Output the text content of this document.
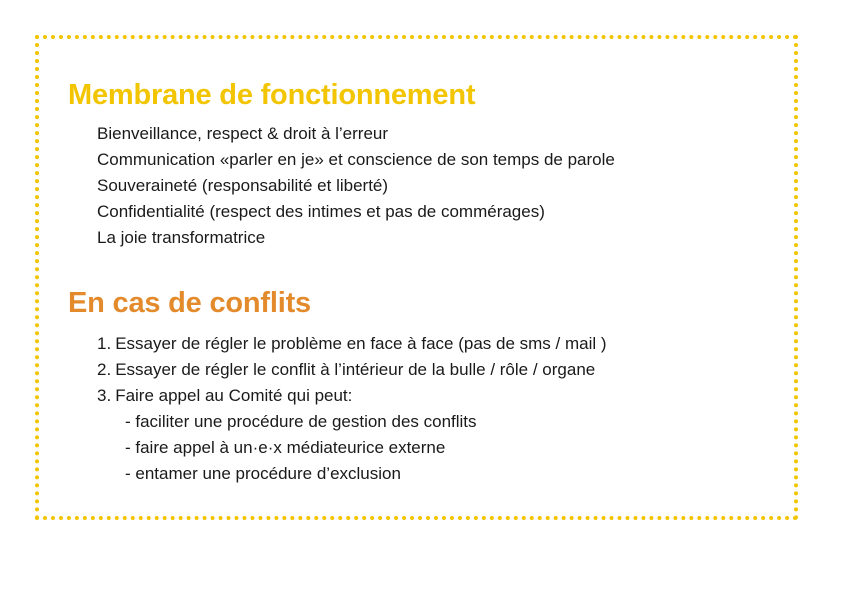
Membrane de fonctionnement
Bienveillance, respect & droit à l’erreur
Communication «parler en je» et conscience de son temps de parole
Souveraineté (responsabilité et liberté)
Confidentialité (respect des intimes et pas de commérages)
La joie transformatrice
En cas de conflits
1. Essayer de régler le problème en face à face (pas de sms / mail )
2. Essayer de régler le conflit à l’intérieur de la bulle / rôle / organe
3. Faire appel au Comité qui peut:
- faciliter une procédure de gestion des conflits
- faire appel à un·e·x médiateurice externe
- entamer une procédure d’exclusion
